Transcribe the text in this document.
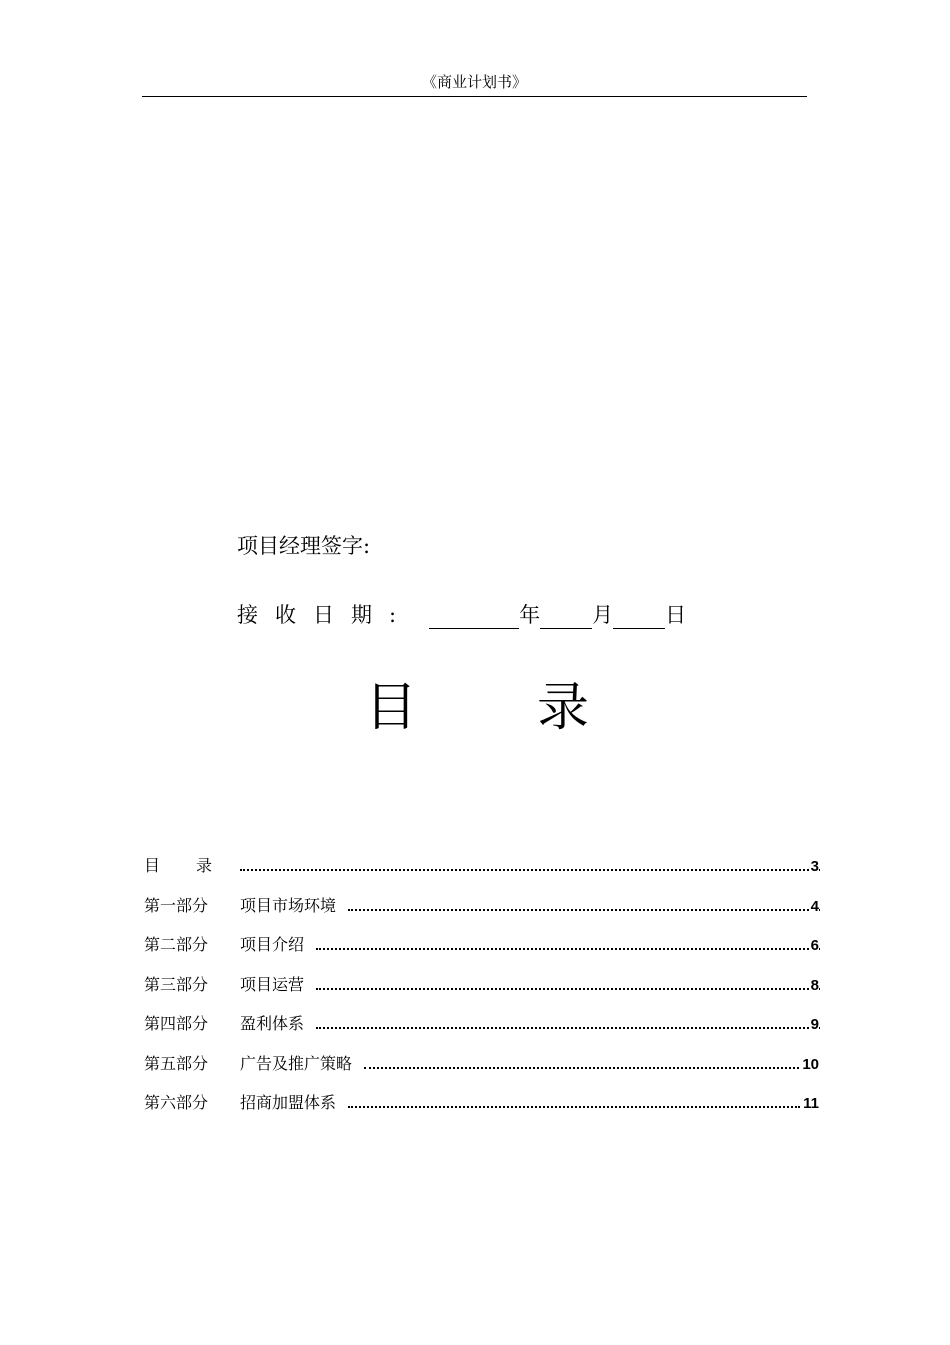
《商业计划书》
项目经理签字:
接收日期:	年 月 日
目录
目录	3
第一部分	项目市场环境	4
第二部分	项目介绍	6
第三部分	项目运营	8
第四部分	盈利体系	9
第五部分	广告及推广策略	10
第六部分	招商加盟体系	11
